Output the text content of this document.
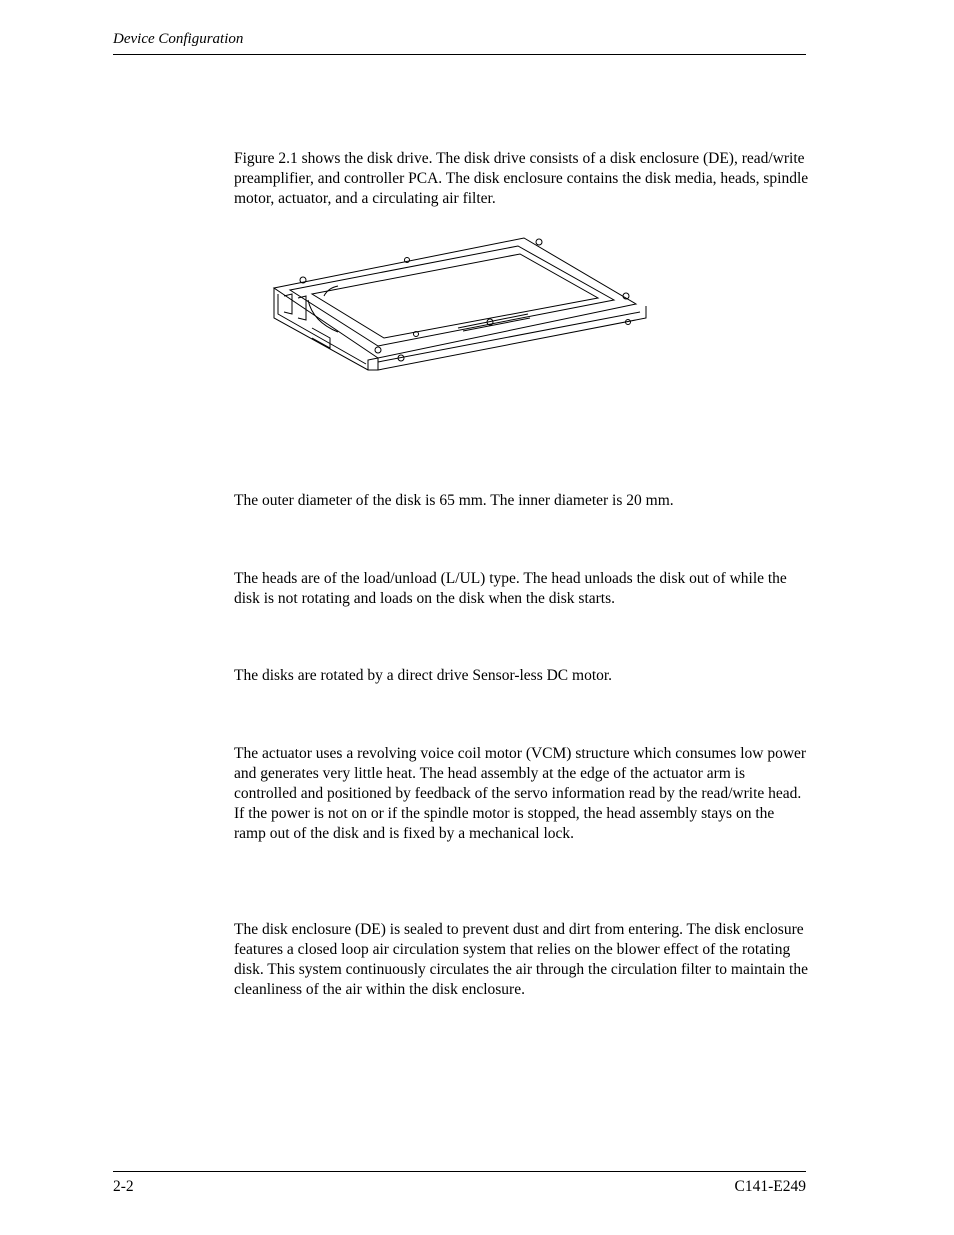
Device Configuration

Figure 2.1 shows the disk drive. The disk drive consists of a disk enclosure (DE), read/write preamplifier, and controller PCA. The disk enclosure contains the disk media, heads, spindle motor, actuator, and a circulating air filter.

The outer diameter of the disk is 65 mm. The inner diameter is 20 mm.

The heads are of the load/unload (L/UL) type. The head unloads the disk out of while the disk is not rotating and loads on the disk when the disk starts.

The disks are rotated by a direct drive Sensor-less DC motor.

The actuator uses a revolving voice coil motor (VCM) structure which consumes low power and generates very little heat. The head assembly at the edge of the actuator arm is controlled and positioned by feedback of the servo information read by the read/write head. If the power is not on or if the spindle motor is stopped, the head assembly stays on the ramp out of the disk and is fixed by a mechanical lock.

The disk enclosure (DE) is sealed to prevent dust and dirt from entering. The disk enclosure features a closed loop air circulation system that relies on the blower effect of the rotating disk. This system continuously circulates the air through the circulation filter to maintain the cleanliness of the air within the disk enclosure.

2-2	C141-E249
